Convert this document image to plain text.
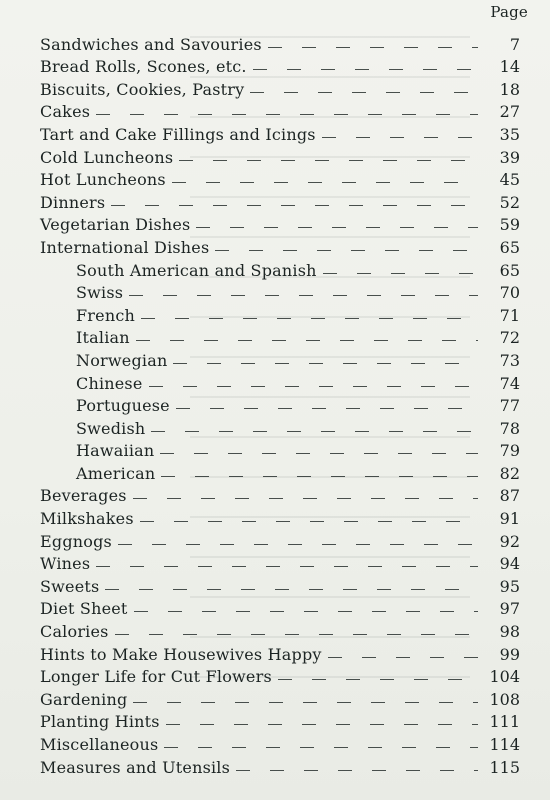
Page
Sandwiches and Savouries	7
Bread Rolls, Scones, etc.	14
Biscuits, Cookies, Pastry	18
Cakes	27
Tart and Cake Fillings and Icings	35
Cold Luncheons	39
Hot Luncheons	45
Dinners	52
Vegetarian Dishes	59
International Dishes	65
South American and Spanish	65
Swiss	70
French	71
Italian	72
Norwegian	73
Chinese	74
Portuguese	77
Swedish	78
Hawaiian	79
American	82
Beverages	87
Milkshakes	91
Eggnogs	92
Wines	94
Sweets	95
Diet Sheet	97
Calories	98
Hints to Make Housewives Happy	99
Longer Life for Cut Flowers	104
Gardening	108
Planting Hints	111
Miscellaneous	114
Measures and Utensils	115
